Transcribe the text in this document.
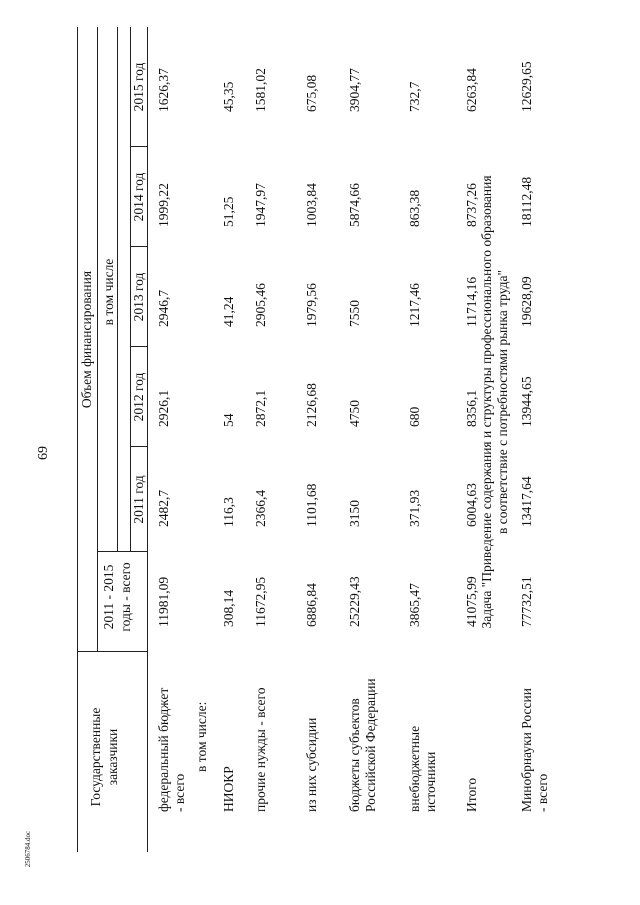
69
2506784.doc
Государственные заказчики
Объем финансирования
2011 - 2015 годы - всего
в том числе
2011 год
2012 год
2013 год
2014 год
2015 год
федеральный бюджет - всего
11981,09
2482,7
2926,1
2946,7
1999,22
1626,37
в том числе:
НИОКР
308,14
116,3
54
41,24
51,25
45,35
прочие нужды - всего
11672,95
2366,4
2872,1
2905,46
1947,97
1581,02
из них субсидии
6886,84
1101,68
2126,68
1979,56
1003,84
675,08
бюджеты субъектов Российской Федерации
25229,43
3150
4750
7550
5874,66
3904,77
внебюджетные источники
3865,47
371,93
680
1217,46
863,38
732,7
Итого
41075,99
6004,63
8356,1
11714,16
8737,26
6263,84
Задача "Приведение содержания и структуры профессионального образования в соответствие с потребностями рынка труда"
Минобрнауки России - всего
77732,51
13417,64
13944,65
19628,09
18112,48
12629,65
